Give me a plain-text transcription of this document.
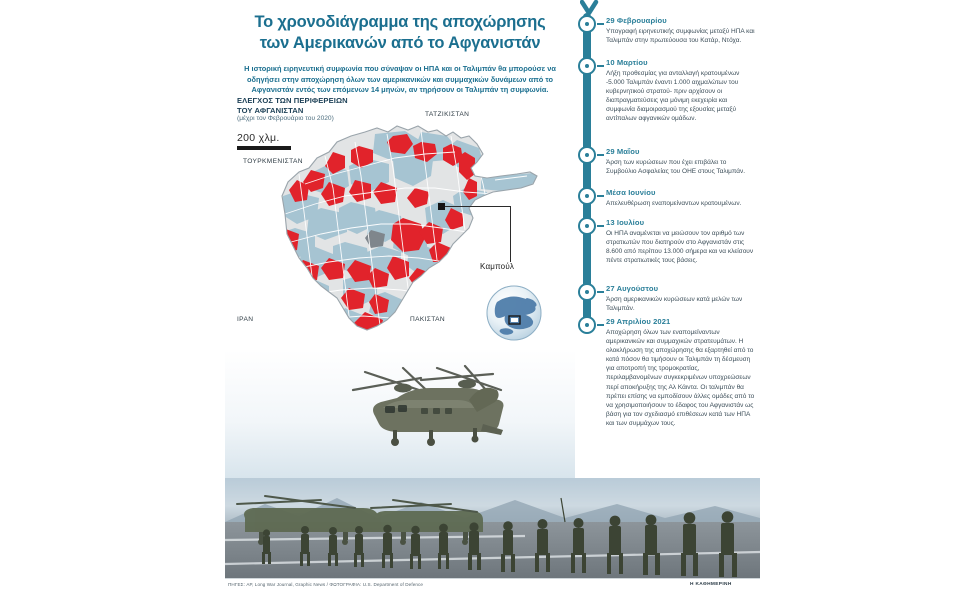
Το χρονοδιάγραμμα της αποχώρησης
των Αμερικανών από το Αφγανιστάν
Η ιστορική ειρηνευτική συμφωνία που σύναψαν οι ΗΠΑ και οι Ταλιμπάν θα μπορούσε να οδηγήσει στην αποχώρηση όλων των αμερικανικών και συμμαχικών δυνάμεων από το Αφγανιστάν εντός των επόμενων 14 μηνών, αν τηρήσουν οι Ταλιμπάν τη συμφωνία.
ΕΛΕΓΧΟΣ ΤΩΝ ΠΕΡΙΦΕΡΕΙΩΝ
ΤΟΥ ΑΦΓΑΝΙΣΤΑΝ
(μέχρι τον Φεβρουάριο του 2020)
200 χλμ.
ΤΑΤΖΙΚΙΣΤΑΝ
ΤΟΥΡΚΜΕΝΙΣΤΑΝ
ΙΡΑΝ	ΠΑΚΙΣΤΑΝ
Καμπούλ
ΠΗΓΕΣ: AP, Long War Journal, Graphic News / ΦΩΤΟΓΡΑΦΙΑ: U.S. Department of Defence	Η ΚΑΘΗΜΕΡΙΝΗ
29 Φεβρουαρίου
Υπογραφή ειρηνευτικής συμφωνίας μεταξύ ΗΠΑ και Ταλιμπάν στην πρωτεύουσα του Κατάρ, Ντόχα.
10 Μαρτίου
Λήξη προθεσμίας για ανταλλαγή κρατουμένων -5.000 Ταλιμπάν έναντι 1.000 αιχμαλώτων του κυβερνητικού στρατού- πριν αρχίσουν οι διαπραγματεύσεις για μόνιμη εκεχειρία και συμφωνία διαμοιρασμού της εξουσίας μεταξύ αντίπαλων αφγανικών ομάδων.
29 Μαΐου
Άρση των κυρώσεων που έχει επιβάλει το Συμβούλιο Ασφαλείας του ΟΗΕ στους Ταλιμπάν.
Μέσα Ιουνίου
Απελευθέρωση εναπομείναντων κρατουμένων.
13 Ιουλίου
Οι ΗΠΑ αναμένεται να μειώσουν τον αριθμό των στρατιωτών που διατηρούν στο Αφγανιστάν στις 8.600 από περίπου 13.000 σήμερα και να κλείσουν πέντε στρατιωτικές τους βάσεις.
27 Αυγούστου
Άρση αμερικανικών κυρώσεων κατά μελών των Ταλιμπάν.
29 Απριλίου 2021
Αποχώρηση όλων των εναπομείναντων αμερικανικών και συμμαχικών στρατευμάτων. Η ολοκλήρωση της αποχώρησης θα εξαρτηθεί από το κατά πόσον θα τιμήσουν οι Ταλιμπάν τη δέσμευση για αποτροπή της τρομοκρατίας, περιλαμβανομένων συγκεκριμένων υποχρεώσεων περί αποκήρυξης της Αλ Κάιντα. Οι ταλιμπάν θα πρέπει επίσης να εμποδίσουν άλλες ομάδες από το να χρησιμοποιήσουν το έδαφος του Αφγανιστάν ως βάση για τον σχεδιασμό επιθέσεων κατά των ΗΠΑ και των συμμάχων τους.
